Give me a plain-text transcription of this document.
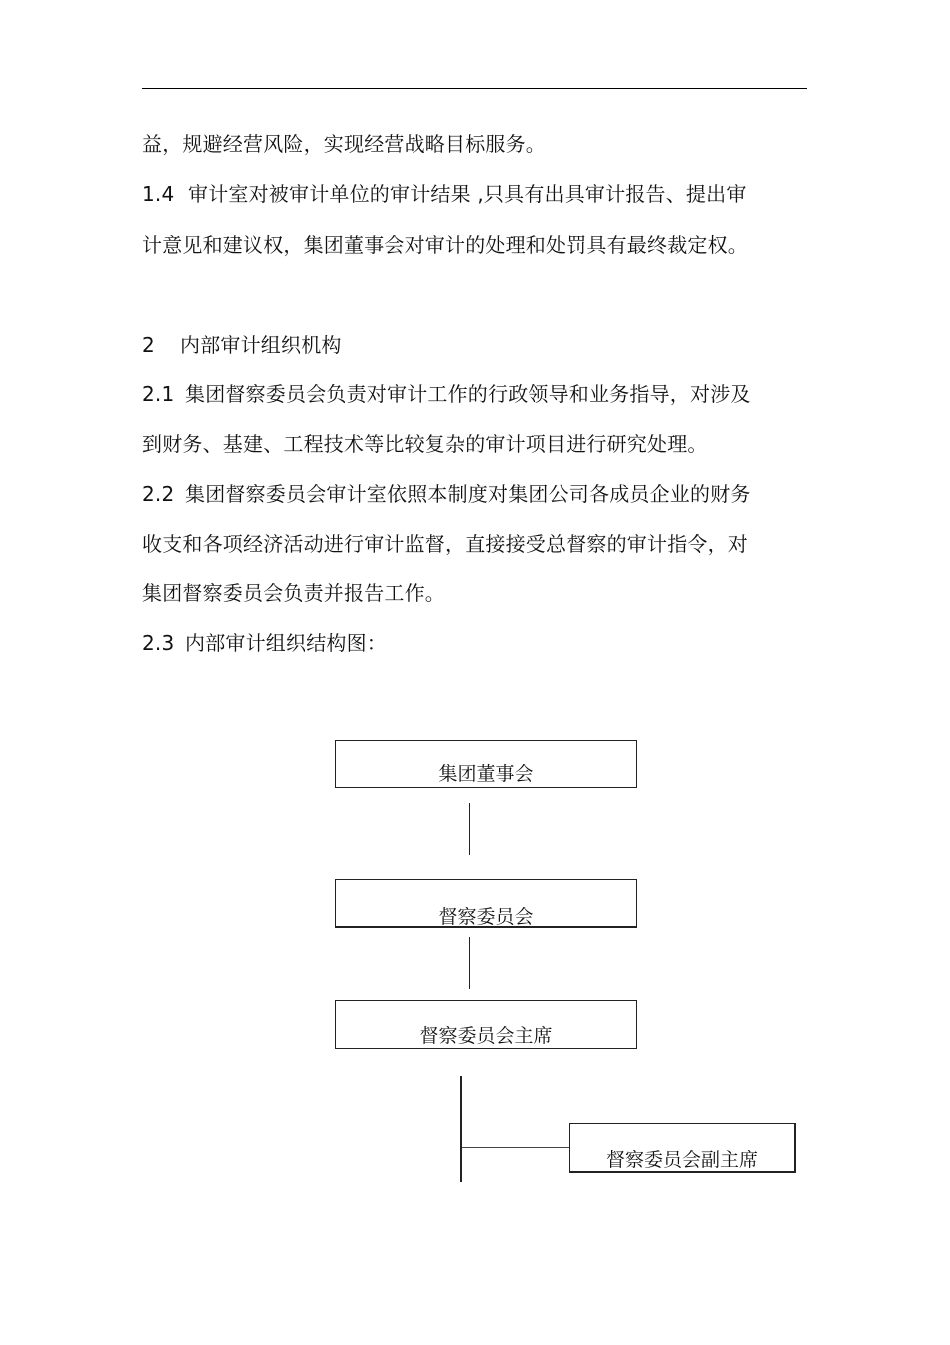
益，规避经营风险，实现经营战略目标服务。
1.4 审计室对被审计单位的审计结果 ,只具有出具审计报告、提出审
计意见和建议权，集团董事会对审计的处理和处罚具有最终裁定权。
2 内部审计组织机构
2.1 集团督察委员会负责对审计工作的行政领导和业务指导，对涉及
到财务、基建、工程技术等比较复杂的审计项目进行研究处理。
2.2 集团督察委员会审计室依照本制度对集团公司各成员企业的财务
收支和各项经济活动进行审计监督，直接接受总督察的审计指令，对
集团督察委员会负责并报告工作。
2.3 内部审计组织结构图：
集团董事会
督察委员会
督察委员会主席
督察委员会副主席
